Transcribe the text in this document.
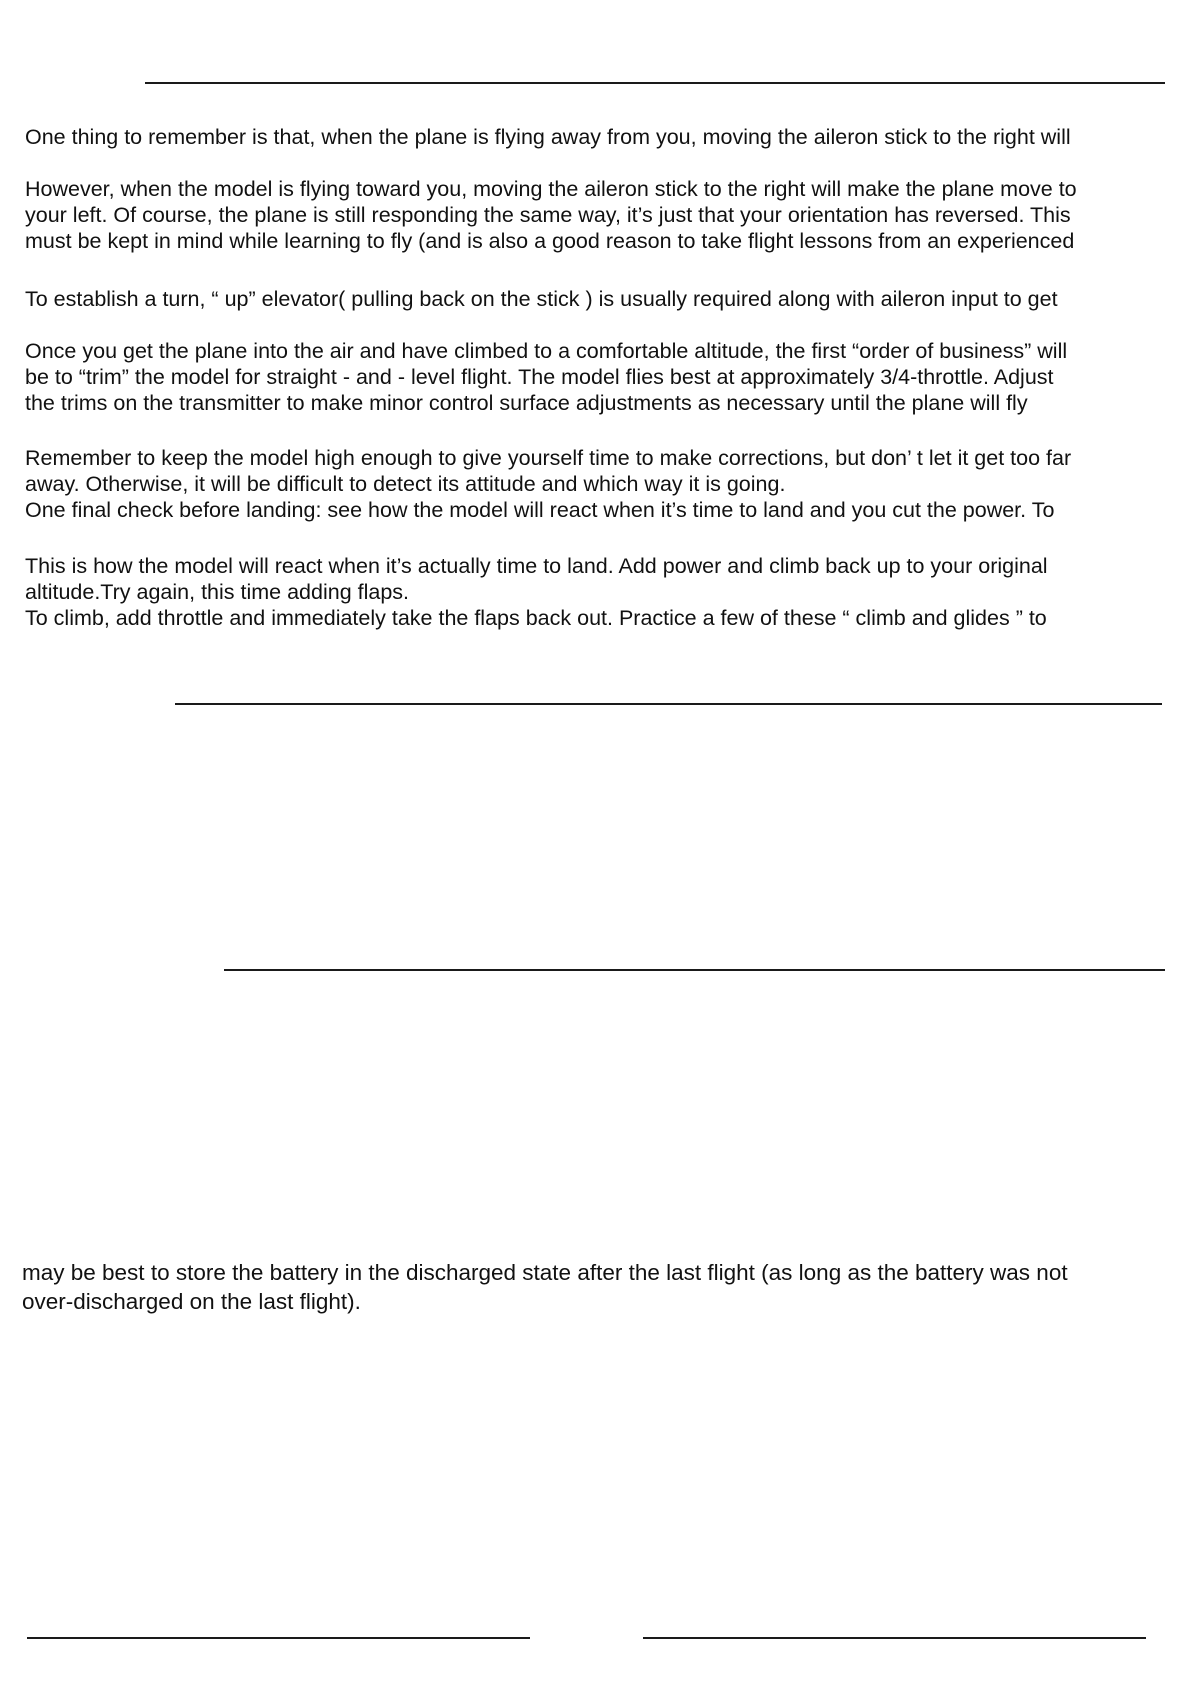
One thing to remember is that, when the plane is flying away from you, moving the aileron stick to the right will
However, when the model is flying toward you, moving the aileron stick to the right will make the plane move to
your left. Of course, the plane is still responding the same way, it’s just that your orientation has reversed. This
must be kept in mind while learning to fly (and is also a good reason to take flight lessons from an experienced
To establish a turn, “ up” elevator( pulling back on the stick ) is usually required along with aileron input to get
Once you get the plane into the air and have climbed to a comfortable altitude, the first “order of business” will
be to “trim” the model for straight - and - level flight. The model flies best at approximately 3/4-throttle. Adjust
the trims on the transmitter to make minor control surface adjustments as necessary until the plane will fly
Remember to keep the model high enough to give yourself time to make corrections, but don’ t let it get too far
away. Otherwise, it will be difficult to detect its attitude and which way it is going.
One final check before landing: see how the model will react when it’s time to land and you cut the power. To
This is how the model will react when it’s actually time to land. Add power and climb back up to your original
altitude.Try again, this time adding flaps.
To climb, add throttle and immediately take the flaps back out. Practice a few of these “ climb and glides ” to
may be best to store the battery in the discharged state after the last flight (as long as the battery was not
over-discharged on the last flight).
